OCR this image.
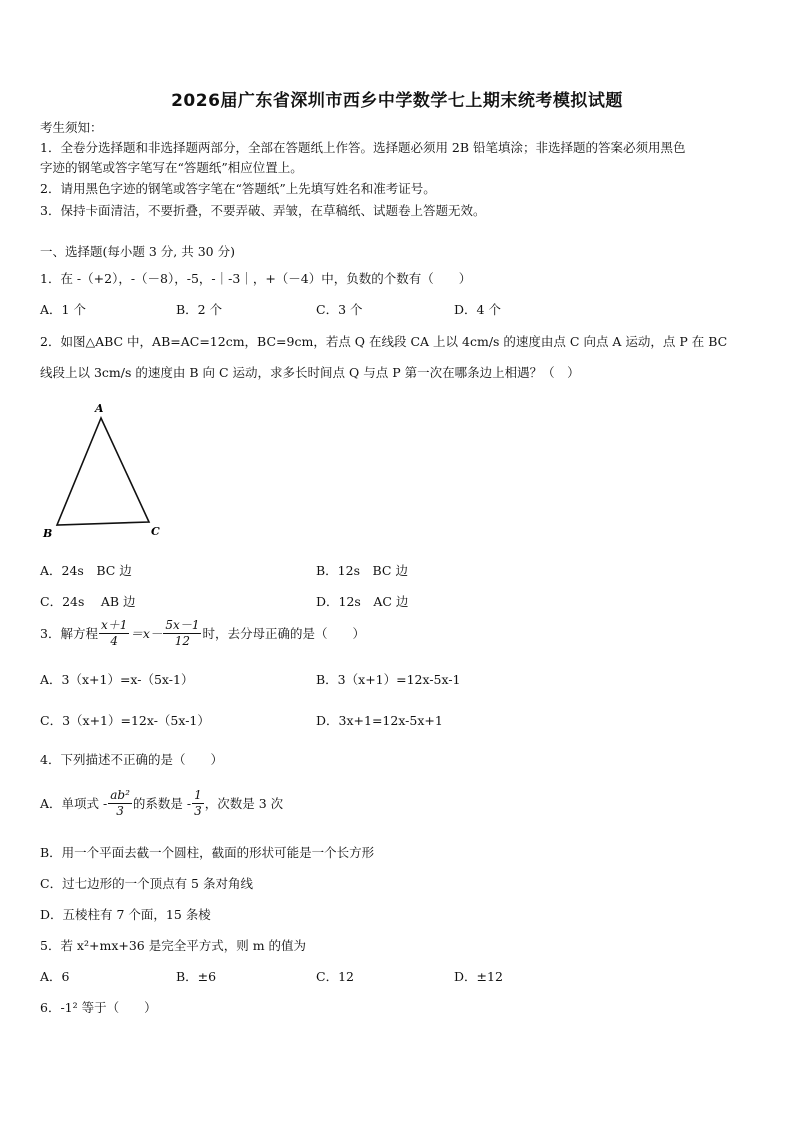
2026届广东省深圳市西乡中学数学七上期末统考模拟试题
考生须知：
1．全卷分选择题和非选择题两部分，全部在答题纸上作答。选择题必须用 2B 铅笔填涂；非选择题的答案必须用黑色
字迹的钢笔或答字笔写在“答题纸”相应位置上。
2．请用黑色字迹的钢笔或答字笔在“答题纸”上先填写姓名和准考证号。
3．保持卡面清洁，不要折叠，不要弄破、弄皱，在草稿纸、试题卷上答题无效。
一、选择题(每小题 3 分, 共 30 分)
1．在 -（+2），-（－8），-5，-｜-3｜，+（－4）中，负数的个数有（　　）
A．1 个	B．2 个	C．3 个	D．4 个
2．如图△ABC 中，AB=AC=12cm，BC=9cm，若点 Q 在线段 CA 上以 4cm/s 的速度由点 C 向点 A 运动，点 P 在 BC
线段上以 3cm/s 的速度由 B 向 C 运动，求多长时间点 Q 与点 P 第一次在哪条边上相遇？（　）
A
B	C
A．24s　BC 边	B．12s　BC 边
C．24s　 AB 边	D．12s　AC 边
3．解方程 $\frac{x+1}{4} =x- \frac{5x-1}{12}$ 时，去分母正确的是（　　）
A．3（x+1）=x-（5x-1）	B．3（x+1）=12x-5x-1
C．3（x+1）=12x-（5x-1）	D．3x+1=12x-5x+1
4．下列描述不正确的是（　　）
A．单项式 - $\frac{\text{ab²}}{3}$ 的系数是 - $\frac{1}{3}$ ，次数是 3 次
B．用一个平面去截一个圆柱，截面的形状可能是一个长方形
C．过七边形的一个顶点有 5 条对角线
D．五棱柱有 7 个面，15 条棱
5．若 x²+mx+36 是完全平方式，则 m 的值为
A．6	B．±6	C．12	D．±12
6．-1² 等于（　　）
